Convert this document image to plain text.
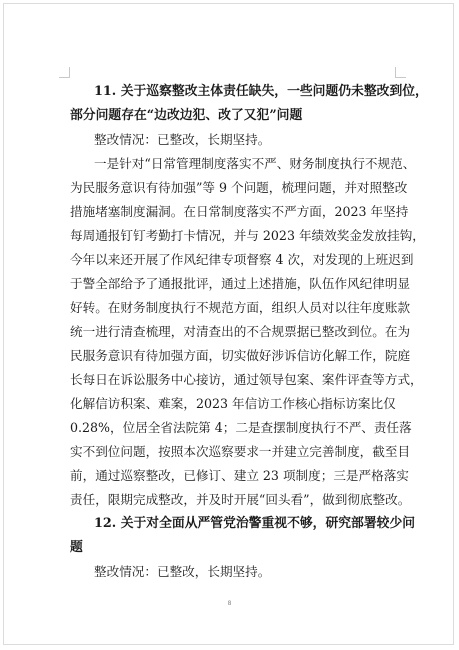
11. 关于巡察整改主体责任缺失，一些问题仍未整改到位，
部分问题存在“边改边犯、改了又犯”问题
整改情况：已整改，长期坚持。
一是针对“日常管理制度落实不严、财务制度执行不规范、
为民服务意识有待加强”等 9 个问题，梳理问题，并对照整改
措施堵塞制度漏洞。在日常制度落实不严方面，2023 年坚持
每周通报钉钉考勤打卡情况，并与 2023 年绩效奖金发放挂钩，
今年以来还开展了作风纪律专项督察 4 次，对发现的上班迟到
于警全部给予了通报批评，通过上述措施，队伍作风纪律明显
好转。在财务制度执行不规范方面，组织人员对以往年度账款
统一进行清查梳理，对清查出的不合规票据已整改到位。在为
民服务意识有待加强方面，切实做好涉诉信访化解工作，院庭
长每日在诉讼服务中心接访，通过领导包案、案件评查等方式，
化解信访积案、难案，2023 年信访工作核心指标访案比仅
0.28%，位居全省法院第 4；二是查摆制度执行不严、责任落
实不到位问题，按照本次巡察要求一并建立完善制度，截至目
前，通过巡察整改，已修订、建立 23 项制度；三是严格落实
责任，限期完成整改，并及时开展“回头看”，做到彻底整改。
12. 关于对全面从严管党治警重视不够，研究部署较少问
题
整改情况：已整改，长期坚持。
8
